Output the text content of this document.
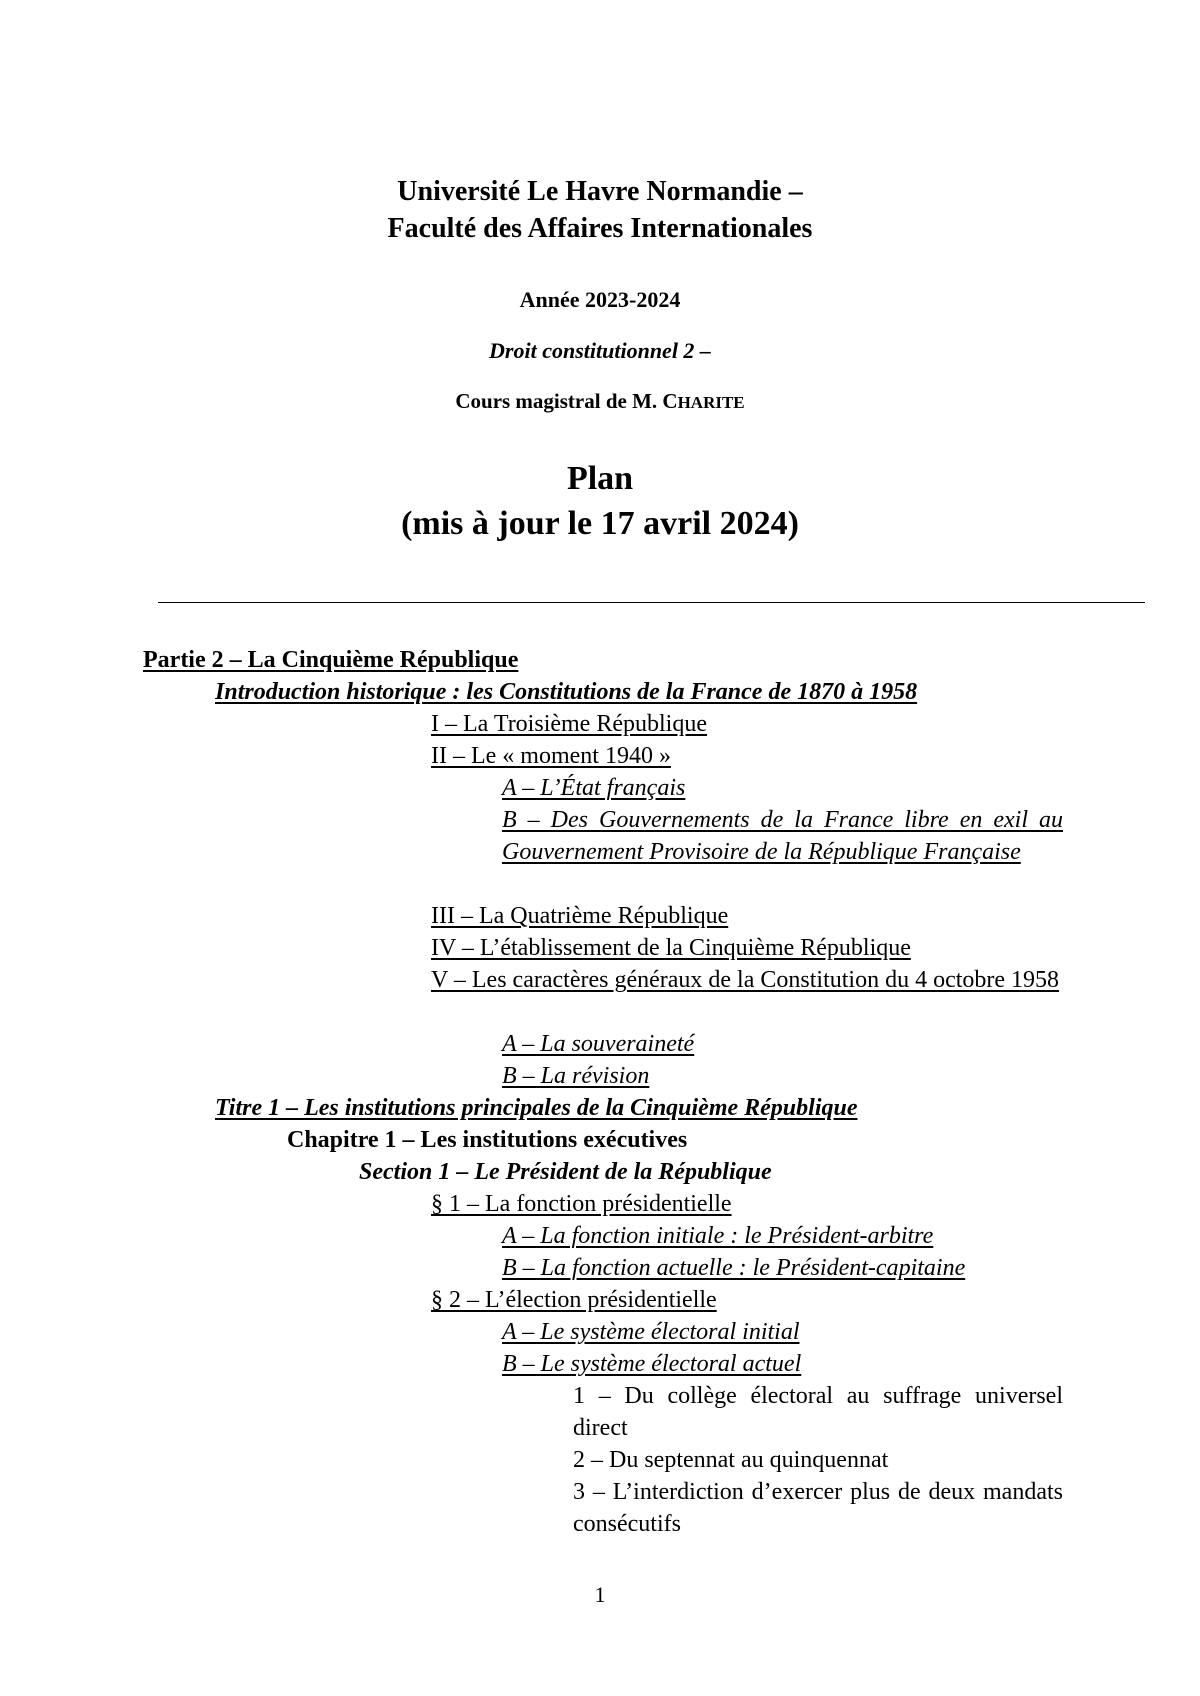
Université Le Havre Normandie –
Faculté des Affaires Internationales
Année 2023-2024
Droit constitutionnel 2 –
Cours magistral de M. CHARITE
Plan
(mis à jour le 17 avril 2024)
Partie 2 – La Cinquième République
Introduction historique : les Constitutions de la France de 1870 à 1958
I – La Troisième République
II – Le « moment 1940 »
A – L’État français
B – Des Gouvernements de la France libre en exil au Gouvernement Provisoire de la République Française
III – La Quatrième République
IV – L’établissement de la Cinquième République
V – Les caractères généraux de la Constitution du 4 octobre 1958
A – La souveraineté
B – La révision
Titre 1 – Les institutions principales de la Cinquième République
Chapitre 1 – Les institutions exécutives
Section 1 – Le Président de la République
§ 1 – La fonction présidentielle
A – La fonction initiale : le Président-arbitre
B – La fonction actuelle : le Président-capitaine
§ 2 – L’élection présidentielle
A – Le système électoral initial
B – Le système électoral actuel
1 – Du collège électoral au suffrage universel direct
2 – Du septennat au quinquennat
3 – L’interdiction d’exercer plus de deux mandats consécutifs
1
